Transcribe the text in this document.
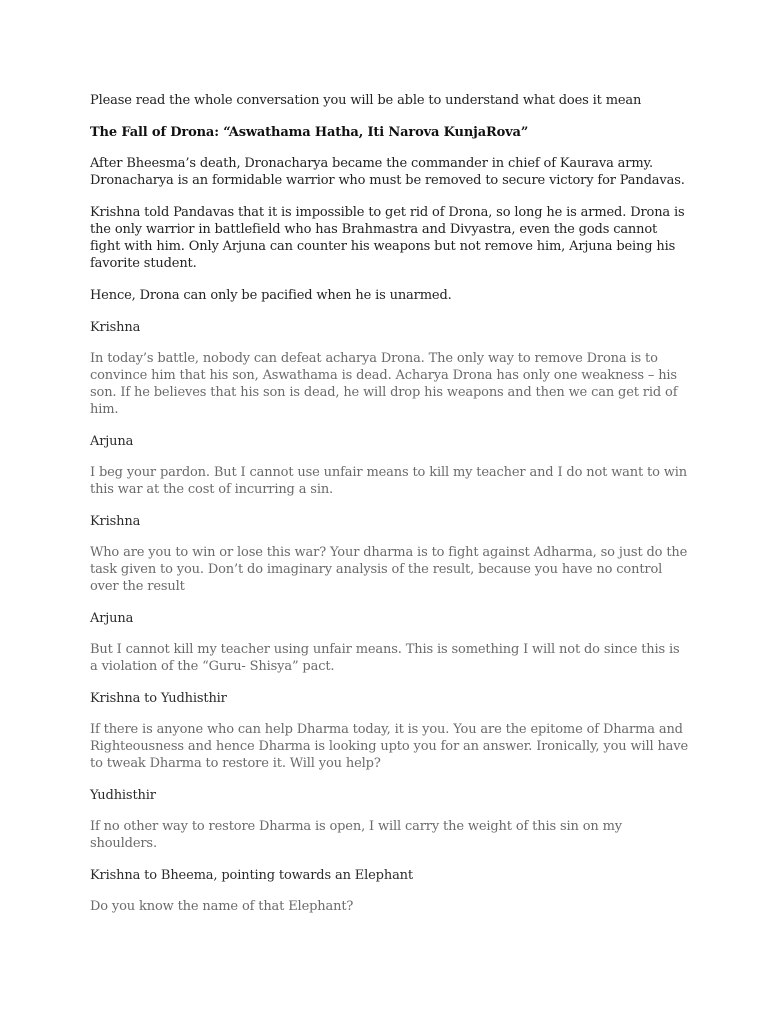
Please read the whole conversation you will be able to understand what does it mean

The Fall of Drona: “Aswathama Hatha, Iti Narova KunjaRova”

After Bheesma’s death, Dronacharya became the commander in chief of Kaurava army. Dronacharya is an formidable warrior who must be removed to secure victory for Pandavas.

Krishna told Pandavas that it is impossible to get rid of Drona, so long he is armed. Drona is the only warrior in battlefield who has Brahmastra and Divyastra, even the gods cannot fight with him. Only Arjuna can counter his weapons but not remove him, Arjuna being his favorite student.

Hence, Drona can only be pacified when he is unarmed.

Krishna

In today’s battle, nobody can defeat acharya Drona. The only way to remove Drona is to convince him that his son, Aswathama is dead. Acharya Drona has only one weakness – his son. If he believes that his son is dead, he will drop his weapons and then we can get rid of him.

Arjuna

I beg your pardon. But I cannot use unfair means to kill my teacher and I do not want to win this war at the cost of incurring a sin.

Krishna

Who are you to win or lose this war? Your dharma is to fight against Adharma, so just do the task given to you. Don’t do imaginary analysis of the result, because you have no control over the result

Arjuna

But I cannot kill my teacher using unfair means. This is something I will not do since this is a violation of the “Guru- Shisya” pact.

Krishna to Yudhisthir

If there is anyone who can help Dharma today, it is you. You are the epitome of Dharma and Righteousness and hence Dharma is looking upto you for an answer. Ironically, you will have to tweak Dharma to restore it. Will you help?

Yudhisthir

If no other way to restore Dharma is open, I will carry the weight of this sin on my shoulders.

Krishna to Bheema, pointing towards an Elephant

Do you know the name of that Elephant?
